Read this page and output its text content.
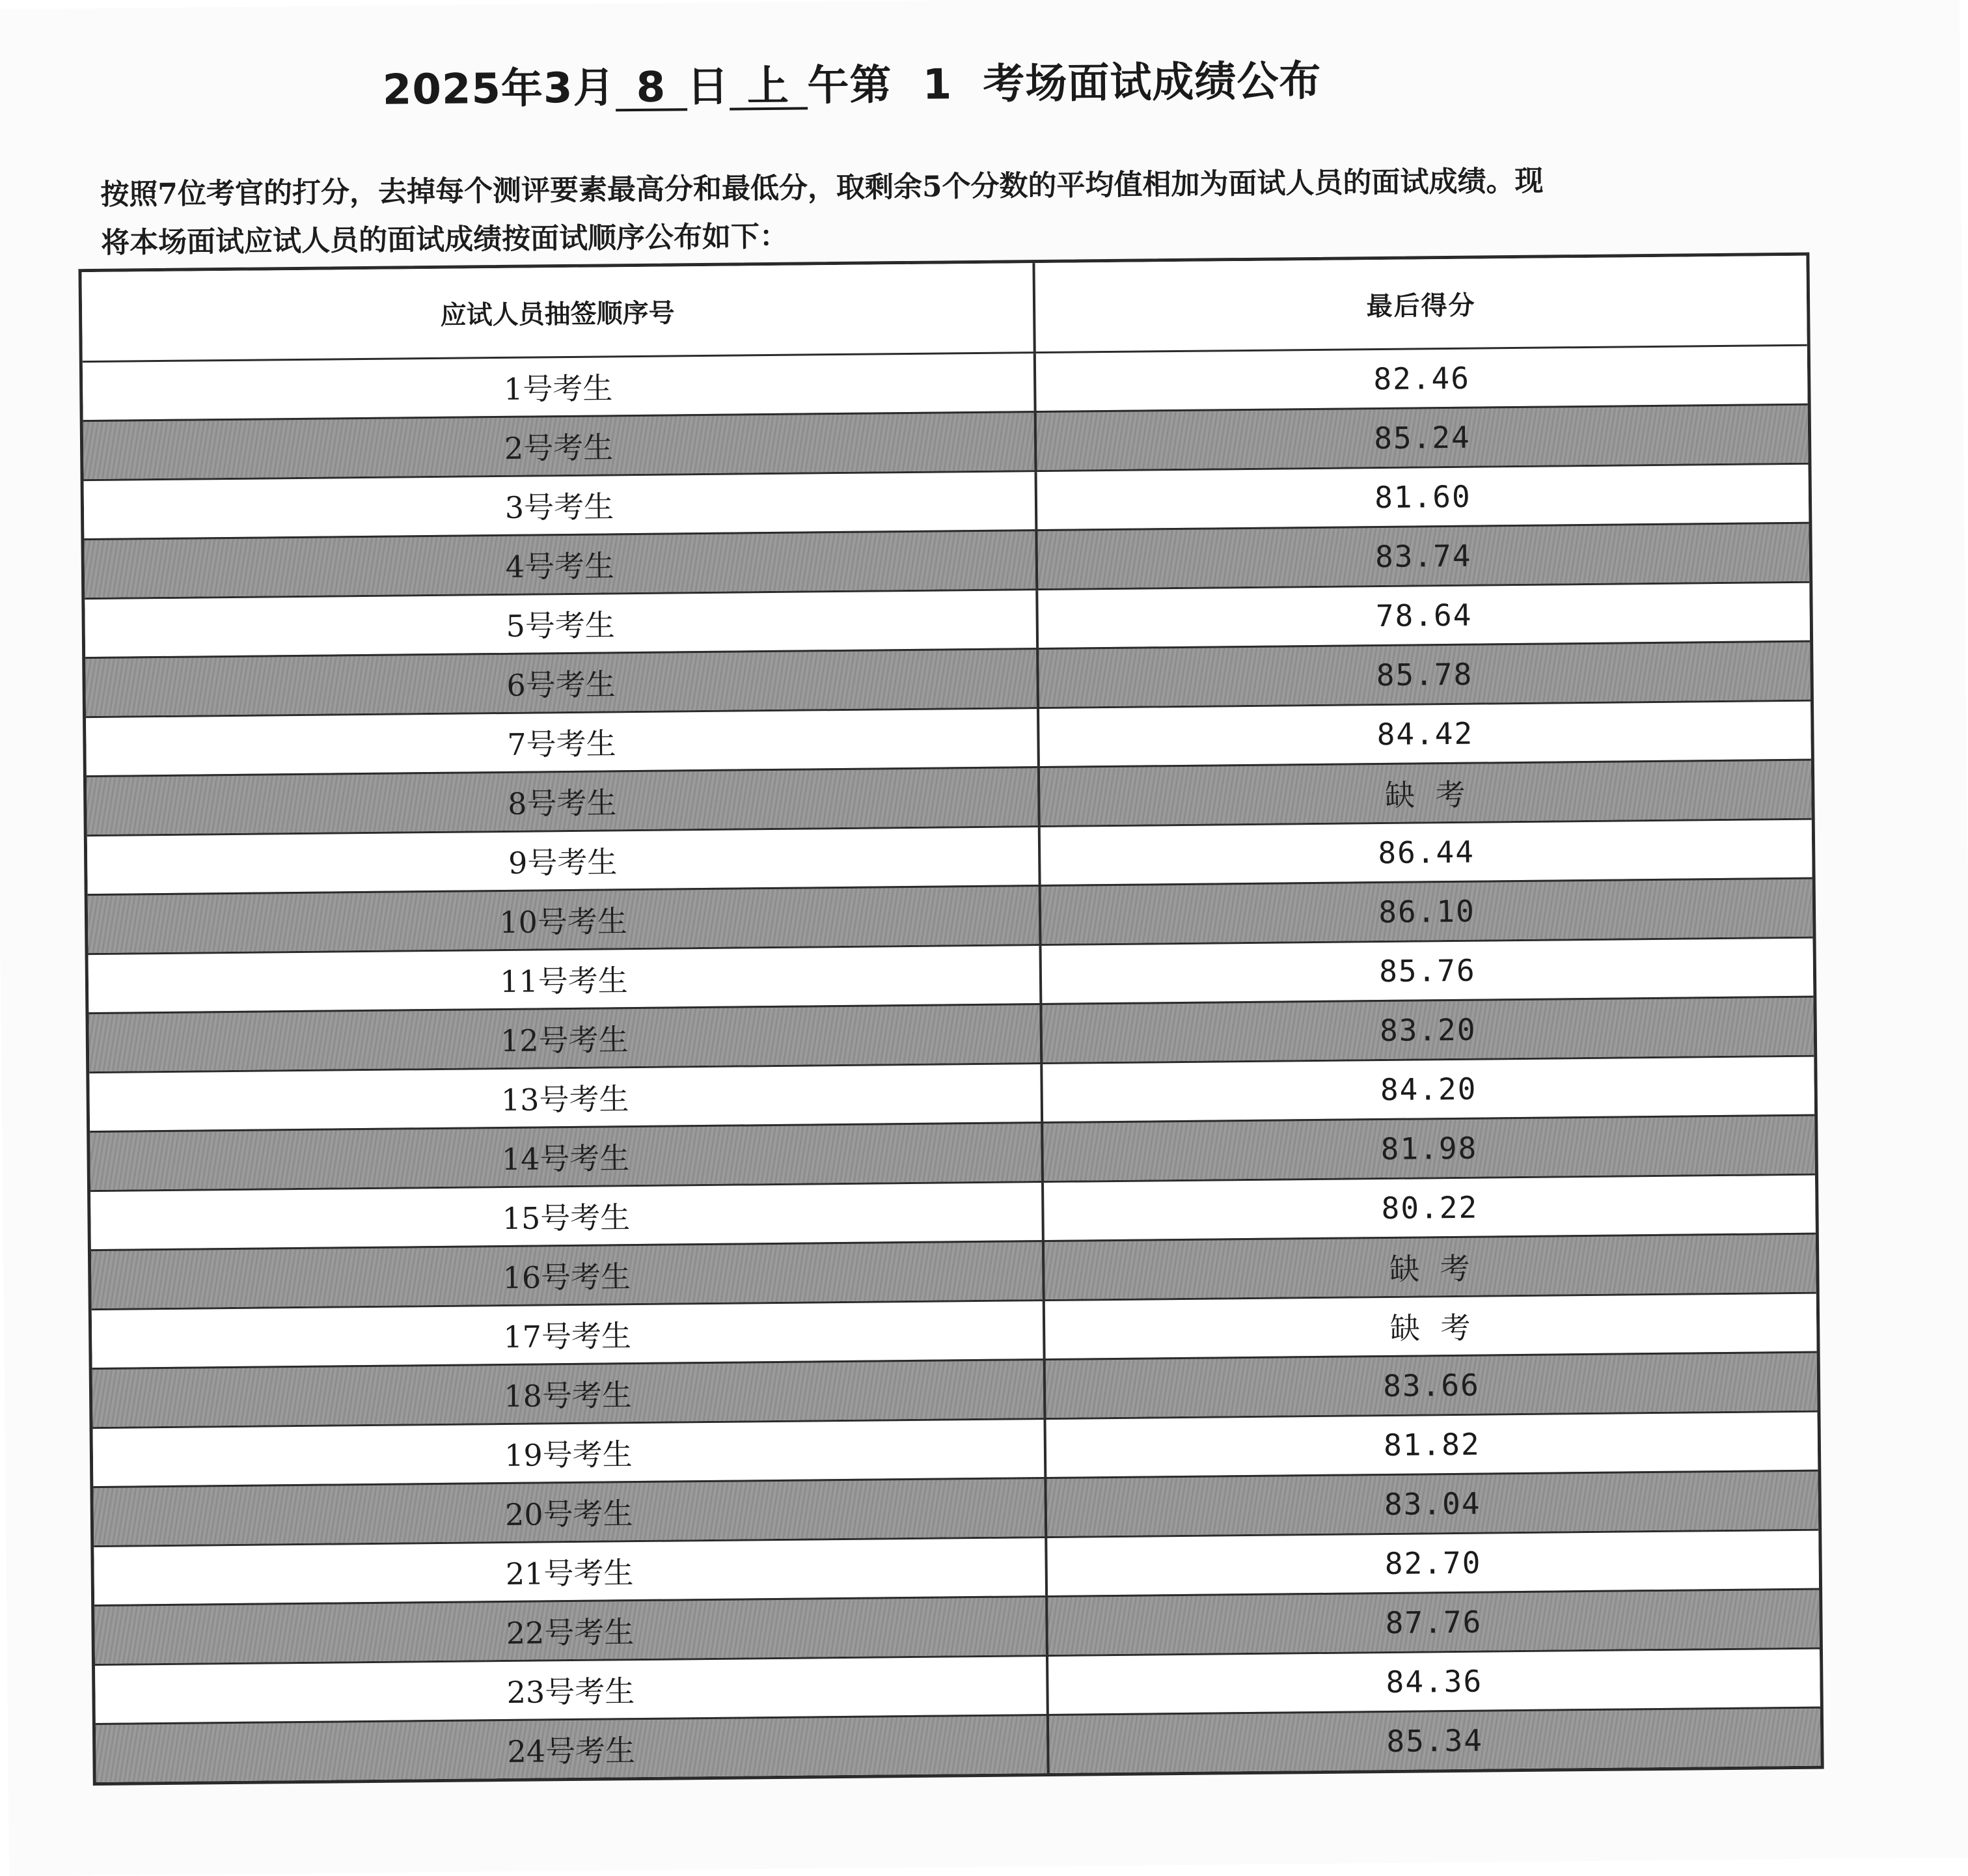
2025年3月 8 日 上 午第 1 考场面试成绩公布
按照7位考官的打分，去掉每个测评要素最高分和最低分，取剩余5个分数的平均值相加为面试人员的面试成绩。现
将本场面试应试人员的面试成绩按面试顺序公布如下：
应试人员抽签顺序号	最后得分
1号考生	82.46
2号考生	85.24
3号考生	81.60
4号考生	83.74
5号考生	78.64
6号考生	85.78
7号考生	84.42
8号考生	缺 考
9号考生	86.44
10号考生	86.10
11号考生	85.76
12号考生	83.20
13号考生	84.20
14号考生	81.98
15号考生	80.22
16号考生	缺 考
17号考生	缺 考
18号考生	83.66
19号考生	81.82
20号考生	83.04
21号考生	82.70
22号考生	87.76
23号考生	84.36
24号考生	85.34
